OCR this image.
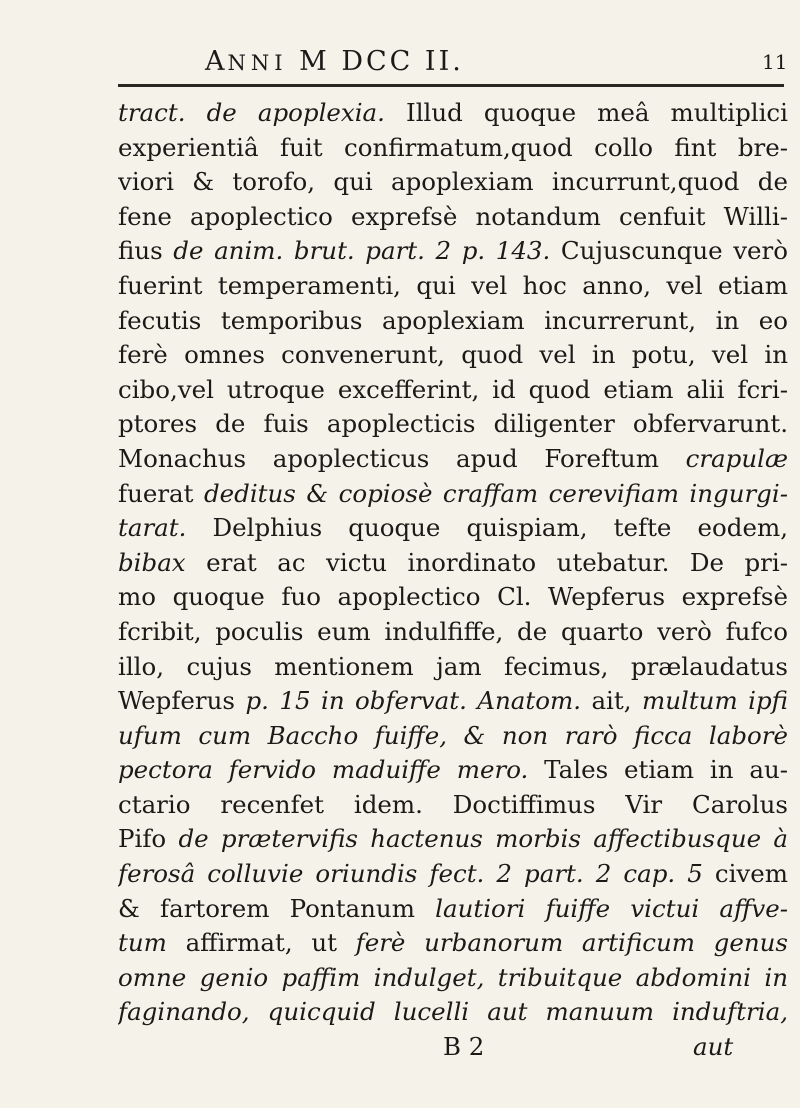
ANNI M DCC II.	11
tract. de apoplexia. Illud quoque meâ multiplici
experientiâ fuit confirmatum,quod collo fint bre-
viori & torofo, qui apoplexiam incurrunt,quod de
fene apoplectico exprefsè notandum cenfuit Willi-
fius de anim. brut. part. 2 p. 143. Cujuscunque verò
fuerint temperamenti, qui vel hoc anno, vel etiam
fecutis temporibus apoplexiam incurrerunt, in eo
ferè omnes convenerunt, quod vel in potu, vel in
cibo,vel utroque excefferint, id quod etiam alii fcri-
ptores de fuis apoplecticis diligenter obfervarunt.
Monachus apoplecticus apud Foreftum crapulæ
fuerat deditus & copiosè craffam cerevifiam ingurgi-
tarat. Delphius quoque quispiam, tefte eodem,
bibax erat ac victu inordinato utebatur. De pri-
mo quoque fuo apoplectico Cl. Wepferus exprefsè
fcribit, poculis eum indulfiffe, de quarto verò fufco
illo, cujus mentionem jam fecimus, prælaudatus
Wepferus p. 15 in obfervat. Anatom. ait, multum ipfi
ufum cum Baccho fuiffe, & non rarò ficca laborè
pectora fervido maduiffe mero. Tales etiam in au-
ctario recenfet idem. Doctiffimus Vir Carolus
Pifo de prætervifis hactenus morbis affectibusque à
ferosâ colluvie oriundis fect. 2 part. 2 cap. 5 civem
& fartorem Pontanum lautiori fuiffe victui affve-
tum affirmat, ut ferè urbanorum artificum genus
omne genio paffim indulget, tribuitque abdomini in
faginando, quicquid lucelli aut manuum induftria,
B 2	aut
